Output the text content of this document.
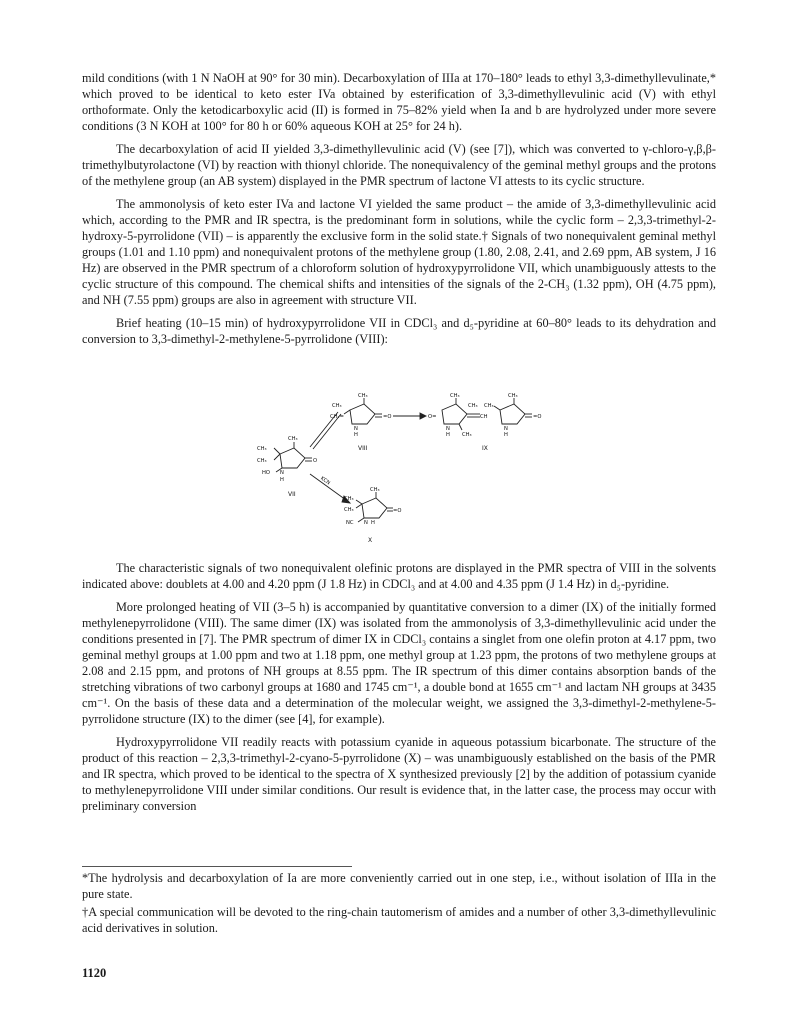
mild conditions (with 1 N NaOH at 90° for 30 min). Decarboxylation of IIIa at 170–180° leads to ethyl 3,3-dimethyllevulinate,* which proved to be identical to keto ester IVa obtained by esterification of 3,3-dimethyllevulinic acid (V) with ethyl orthoformate. Only the ketodicarboxylic acid (II) is formed in 75–82% yield when Ia and b are hydrolyzed under more severe conditions (3 N KOH at 100° for 80 h or 60% aqueous KOH at 25° for 24 h).

The decarboxylation of acid II yielded 3,3-dimethyllevulinic acid (V) (see [7]), which was converted to γ-chloro-γ,β,β-trimethylbutyrolactone (VI) by reaction with thionyl chloride. The nonequivalency of the geminal methyl groups and the protons of the methylene group (an AB system) displayed in the PMR spectrum of lactone VI attests to its cyclic structure.

The ammonolysis of keto ester IVa and lactone VI yielded the same product – the amide of 3,3-dimethyllevulinic acid which, according to the PMR and IR spectra, is the predominant form in solutions, while the cyclic form – 2,3,3-trimethyl-2-hydroxy-5-pyrrolidone (VII) – is apparently the exclusive form in the solid state.† Signals of two nonequivalent geminal methyl groups (1.01 and 1.10 ppm) and nonequivalent protons of the methylene group (1.80, 2.08, 2.41, and 2.69 ppm, AB system, J 16 Hz) are observed in the PMR spectrum of a chloroform solution of hydroxypyrrolidone VII, which unambiguously attests to the cyclic structure of this compound. The chemical shifts and intensities of the signals of the 2-CH₃ (1.32 ppm), OH (4.75 ppm), and NH (7.55 ppm) groups are also in agreement with structure VII.

Brief heating (10–15 min) of hydroxypyrrolidone VII in CDCl₃ and d₅-pyridine at 60–80° leads to its dehydration and conversion to 3,3-dimethyl-2-methylene-5-pyrrolidone (VIII):

CH₃
CH₃
CH₃
HO
O
N
H
VII
CH₃
CH₃
CH₂=	=O
N
H
VIII
CH₃	CH₃
O=
CH₃ CH₃
CH
CH₃
=O
N
H
N
H
IX
CH₃
CH₃
CH₃
NC
=O
N H
X
KCN

The characteristic signals of two nonequivalent olefinic protons are displayed in the PMR spectra of VIII in the solvents indicated above: doublets at 4.00 and 4.20 ppm (J 1.8 Hz) in CDCl₃ and at 4.00 and 4.35 ppm (J 1.4 Hz) in d₅-pyridine.

More prolonged heating of VII (3–5 h) is accompanied by quantitative conversion to a dimer (IX) of the initially formed methylenepyrrolidone (VIII). The same dimer (IX) was isolated from the ammonolysis of 3,3-dimethyllevulinic acid under the conditions presented in [7]. The PMR spectrum of dimer IX in CDCl₃ contains a singlet from one olefin proton at 4.17 ppm, two geminal methyl groups at 1.00 ppm and two at 1.18 ppm, one methyl group at 1.23 ppm, the protons of two methylene groups at 2.08 and 2.15 ppm, and protons of NH groups at 8.55 ppm. The IR spectrum of this dimer contains absorption bands of the stretching vibrations of two carbonyl groups at 1680 and 1745 cm⁻¹, a double bond at 1655 cm⁻¹ and lactam NH groups at 3435 cm⁻¹. On the basis of these data and a determination of the molecular weight, we assigned the 3,3-dimethyl-2-methylene-5-pyrrolidone structure (IX) to the dimer (see [4], for example).

Hydroxypyrrolidone VII readily reacts with potassium cyanide in aqueous potassium bicarbonate. The structure of the product of this reaction – 2,3,3-trimethyl-2-cyano-5-pyrrolidone (X) – was unambiguously established on the basis of the PMR and IR spectra, which proved to be identical to the spectra of X synthesized previously [2] by the addition of potassium cyanide to methylenepyrrolidone VIII under similar conditions. Our result is evidence that, in the latter case, the process may occur with preliminary conversion

*The hydrolysis and decarboxylation of Ia are more conveniently carried out in one step, i.e., without isolation of IIIa in the pure state.

†A special communication will be devoted to the ring-chain tautomerism of amides and a number of other 3,3-dimethyllevulinic acid derivatives in solution.

1120
